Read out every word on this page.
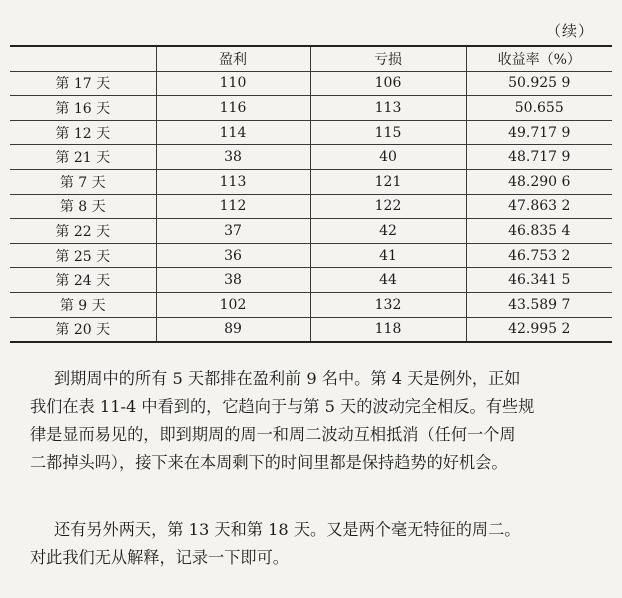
（续）
	盈利	亏损	收益率（%）
第 17 天	110	106	50.925 9
第 16 天	116	113	50.655
第 12 天	114	115	49.717 9
第 21 天	38	40	48.717 9
第 7 天	113	121	48.290 6
第 8 天	112	122	47.863 2
第 22 天	37	42	46.835 4
第 25 天	36	41	46.753 2
第 24 天	38	44	46.341 5
第 9 天	102	132	43.589 7
第 20 天	89	118	42.995 2

到期周中的所有 5 天都排在盈利前 9 名中。第 4 天是例外，正如
我们在表 11-4 中看到的，它趋向于与第 5 天的波动完全相反。有些规
律是显而易见的，即到期周的周一和周二波动互相抵消（任何一个周
二都掉头吗），接下来在本周剩下的时间里都是保持趋势的好机会。

还有另外两天，第 13 天和第 18 天。又是两个毫无特征的周二。
对此我们无从解释，记录一下即可。
